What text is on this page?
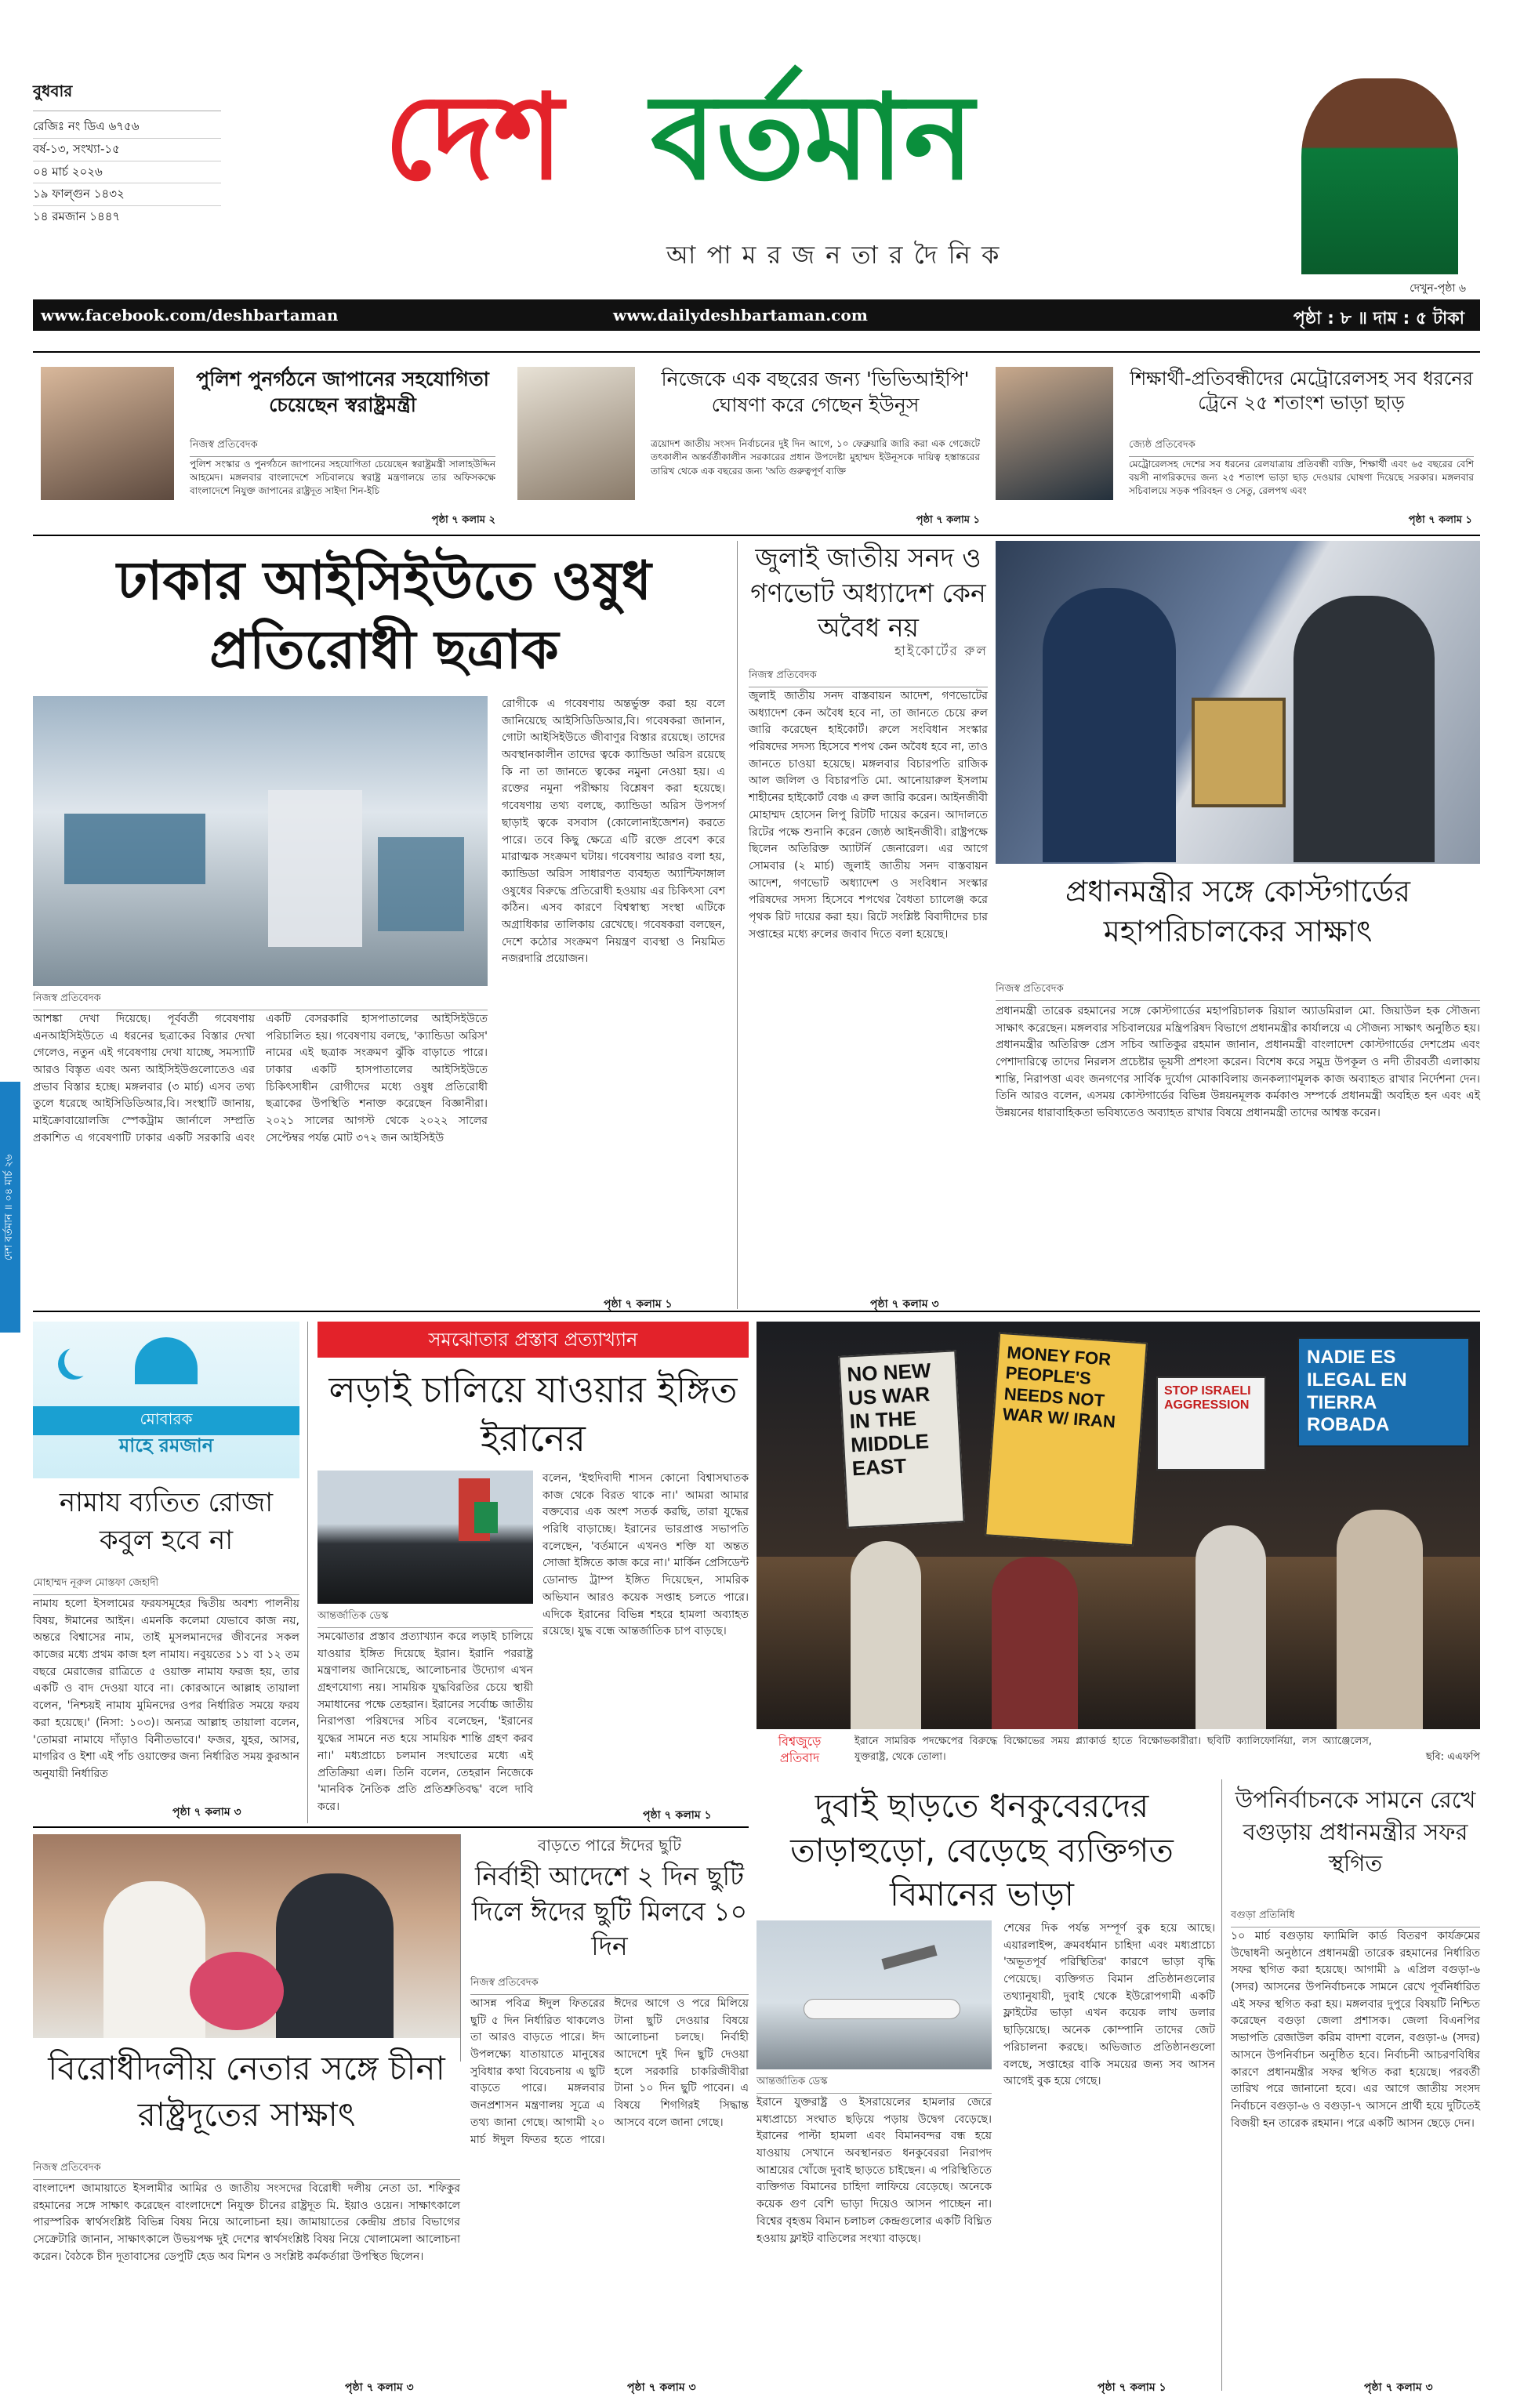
বুধবার
রেজিঃ নং ডিএ ৬৭৫৬
বর্ষ-১৩, সংখ্যা-১৫
০৪ মার্চ ২০২৬
১৯ ফাল্গুন ১৪৩২
১৪ রমজান ১৪৪৭
দেশ বর্তমান
আ পা ম র জ ন তা র দৈ নি ক
দেখুন-পৃষ্ঠা ৬
www.facebook.com/deshbartaman	www.dailydeshbartaman.com	পৃষ্ঠা : ৮ ॥ দাম : ৫ টাকা
দেশ বর্তমান ॥ ০৪ মার্চ ২৬
পুলিশ পুনর্গঠনে জাপানের সহযোগিতা চেয়েছেন স্বরাষ্ট্রমন্ত্রী
নিজস্ব প্রতিবেদক
পুলিশ সংস্কার ও পুনর্গঠনে জাপানের সহযোগিতা চেয়েছেন স্বরাষ্ট্রমন্ত্রী সালাহউদ্দিন আহমেদ। মঙ্গলবার বাংলাদেশে সচিবালয়ে স্বরাষ্ট্র মন্ত্রণালয়ে তার অফিসকক্ষে বাংলাদেশে নিযুক্ত জাপানের রাষ্ট্রদূত সাইদা শিন-ইচি
পৃষ্ঠা ৭ কলাম ২
নিজেকে এক বছরের জন্য 'ভিভিআইপি' ঘোষণা করে গেছেন ইউনূস
ত্রয়োদশ জাতীয় সংসদ নির্বাচনের দুই দিন আগে, ১০ ফেব্রুয়ারি জারি করা এক গেজেটে তৎকালীন অন্তর্বর্তীকালীন সরকারের প্রধান উপদেষ্টা মুহাম্মদ ইউনূসকে দায়িত্ব হস্তান্তরের তারিখ থেকে এক বছরের জন্য 'অতি গুরুত্বপূর্ণ ব্যক্তি
পৃষ্ঠা ৭ কলাম ১
শিক্ষার্থী-প্রতিবন্ধীদের মেট্রোরেলসহ সব ধরনের ট্রেনে ২৫ শতাংশ ভাড়া ছাড়
জ্যেষ্ঠ প্রতিবেদক
মেট্রোরেলসহ দেশের সব ধরনের রেলযাত্রায় প্রতিবন্ধী ব্যক্তি, শিক্ষার্থী এবং ৬৫ বছরের বেশি বয়সী নাগরিকদের জন্য ২৫ শতাংশ ভাড়া ছাড় দেওয়ার ঘোষণা দিয়েছে সরকার। মঙ্গলবার সচিবালয়ে সড়ক পরিবহন ও সেতু, রেলপথ এবং
পৃষ্ঠা ৭ কলাম ১
ঢাকার আইসিইউতে ওষুধ প্রতিরোধী ছত্রাক
নিজস্ব প্রতিবেদক
আশঙ্কা দেখা দিয়েছে। পূর্ববর্তী গবেষণায় এনআইসিইউতে এ ধরনের ছত্রাকের বিস্তার দেখা গেলেও, নতুন এই গবেষণায় দেখা যাচ্ছে, সমস্যাটি আরও বিস্তৃত এবং অন্য আইসিইউগুলোতেও এর প্রভাব বিস্তার হচ্ছে। মঙ্গলবার (৩ মার্চ) এসব তথ্য তুলে ধরেছে আইসিডিডিআর,বি। সংস্থাটি জানায়, মাইক্রোবায়োলজি স্পেকট্রাম জার্নালে সম্প্রতি প্রকাশিত এ গবেষণাটি ঢাকার একটি সরকারি এবং একটি বেসরকারি হাসপাতালের আইসিইউতে পরিচালিত হয়। গবেষণায় বলছে, 'ক্যান্ডিডা অরিস' নামের এই ছত্রাক সংক্রমণ ঝুঁকি বাড়াতে পারে। ঢাকার একটি হাসপাতালের আইসিইউতে চিকিৎসাধীন রোগীদের মধ্যে ওষুধ প্রতিরোধী ছত্রাকের উপস্থিতি শনাক্ত করেছেন বিজ্ঞানীরা। ২০২১ সালের আগস্ট থেকে ২০২২ সালের সেপ্টেম্বর পর্যন্ত মোট ৩৭২ জন আইসিইউ
রোগীকে এ গবেষণায় অন্তর্ভুক্ত করা হয় বলে জানিয়েছে আইসিডিডিআর,বি। গবেষকরা জানান, গোটা আইসিইউতে জীবাণুর বিস্তার রয়েছে। তাদের অবস্থানকালীন তাদের ত্বকে ক্যান্ডিডা অরিস রয়েছে কি না তা জানতে ত্বকের নমুনা নেওয়া হয়। এ রক্তের নমুনা পরীক্ষায় বিশ্লেষণ করা হয়েছে। গবেষণায় তথ্য বলছে, ক্যান্ডিডা অরিস উপসর্গ ছাড়াই ত্বকে বসবাস (কোলোনাইজেশন) করতে পারে। তবে কিছু ক্ষেত্রে এটি রক্তে প্রবেশ করে মারাত্মক সংক্রমণ ঘটায়। গবেষণায় আরও বলা হয়, ক্যান্ডিডা অরিস সাধারণত ব্যবহৃত অ্যান্টিফাঙ্গাল ওষুধের বিরুদ্ধে প্রতিরোধী হওয়ায় এর চিকিৎসা বেশ কঠিন। এসব কারণে বিশ্বস্বাস্থ্য সংস্থা এটিকে অগ্রাধিকার তালিকায় রেখেছে। গবেষকরা বলছেন, দেশে কঠোর সংক্রমণ নিয়ন্ত্রণ ব্যবস্থা ও নিয়মিত নজরদারি প্রয়োজন।
পৃষ্ঠা ৭ কলাম ১
জুলাই জাতীয় সনদ ও গণভোট অধ্যাদেশ কেন অবৈধ নয়
হাইকোর্টের রুল
নিজস্ব প্রতিবেদক
জুলাই জাতীয় সনদ বাস্তবায়ন আদেশ, গণভোটের অধ্যাদেশ কেন অবৈধ হবে না, তা জানতে চেয়ে রুল জারি করেছেন হাইকোর্ট। রুলে সংবিধান সংস্কার পরিষদের সদস্য হিসেবে শপথ কেন অবৈধ হবে না, তাও জানতে চাওয়া হয়েছে। মঙ্গলবার বিচারপতি রাজিক আল জলিল ও বিচারপতি মো. আনোয়ারুল ইসলাম শাহীনের হাইকোর্ট বেঞ্চ এ রুল জারি করেন। আইনজীবী মোহাম্মদ হোসেন লিপু রিটটি দায়ের করেন। আদালতে রিটের পক্ষে শুনানি করেন জ্যেষ্ঠ আইনজীবী। রাষ্ট্রপক্ষে ছিলেন অতিরিক্ত অ্যাটর্নি জেনারেল। এর আগে সোমবার (২ মার্চ) জুলাই জাতীয় সনদ বাস্তবায়ন আদেশ, গণভোট অধ্যাদেশ ও সংবিধান সংস্কার পরিষদের সদস্য হিসেবে শপথের বৈধতা চ্যালেঞ্জ করে পৃথক রিট দায়ের করা হয়। রিটে সংশ্লিষ্ট বিবাদীদের চার সপ্তাহের মধ্যে রুলের জবাব দিতে বলা হয়েছে।
পৃষ্ঠা ৭ কলাম ৩
প্রধানমন্ত্রীর সঙ্গে কোস্টগার্ডের মহাপরিচালকের সাক্ষাৎ
নিজস্ব প্রতিবেদক
প্রধানমন্ত্রী তারেক রহমানের সঙ্গে কোস্টগার্ডের মহাপরিচালক রিয়াল অ্যাডমিরাল মো. জিয়াউল হক সৌজন্য সাক্ষাৎ করেছেন। মঙ্গলবার সচিবালয়ের মন্ত্রিপরিষদ বিভাগে প্রধানমন্ত্রীর কার্যালয়ে এ সৌজন্য সাক্ষাৎ অনুষ্ঠিত হয়। প্রধানমন্ত্রীর অতিরিক্ত প্রেস সচিব আতিকুর রহমান জানান, প্রধানমন্ত্রী বাংলাদেশ কোস্টগার্ডের দেশপ্রেম এবং পেশাদারিত্বে তাদের নিরলস প্রচেষ্টার ভূয়সী প্রশংসা করেন। বিশেষ করে সমুদ্র উপকূল ও নদী তীরবর্তী এলাকায় শান্তি, নিরাপত্তা এবং জনগণের সার্বিক দুর্যোগ মোকাবিলায় জনকল্যাণমূলক কাজ অব্যাহত রাখার নির্দেশনা দেন। তিনি আরও বলেন, এসময় কোস্টগার্ডের বিভিন্ন উন্নয়নমূলক কর্মকাণ্ড সম্পর্কে প্রধানমন্ত্রী অবহিত হন এবং এই উন্নয়নের ধারাবাহিকতা ভবিষ্যতেও অব্যাহত রাখার বিষয়ে প্রধানমন্ত্রী তাদের আশ্বস্ত করেন।
মোবারক
মাহে রমজান
নামায ব্যতিত রোজা কবুল হবে না
মোহাম্মদ নূরুল মোস্তফা জেহাদী
নামায হলো ইসলামের ফরযসমূহের দ্বিতীয় অবশ্য পালনীয় বিষয়, ঈমানের আইন। এমনকি কলেমা যেভাবে কাজ নয়, অন্তরে বিশ্বাসের নাম, তাই মুসলমানদের জীবনের সকল কাজের মধ্যে প্রথম কাজ হল নামায। নবুয়তের ১১ বা ১২ তম বছরে মেরাজের রাত্রিতে ৫ ওয়াক্ত নামায ফরজ হয়, তার একটি ও বাদ দেওয়া যাবে না। কোরআনে আল্লাহ তায়ালা বলেন, 'নিশ্চয়ই নামায মুমিনদের ওপর নির্ধারিত সময়ে ফরয করা হয়েছে।' (নিসা: ১০৩)। অন্যত্র আল্লাহ তায়ালা বলেন, 'তোমরা নামাযে দাঁড়াও বিনীতভাবে।' ফজর, যুহর, আসর, মাগরিব ও ইশা এই পাঁচ ওয়াক্তের জন্য নির্ধারিত সময় কুরআন অনুযায়ী নির্ধারিত
পৃষ্ঠা ৭ কলাম ৩
সমঝোতার প্রস্তাব প্রত্যাখ্যান
লড়াই চালিয়ে যাওয়ার ইঙ্গিত ইরানের
আন্তর্জাতিক ডেস্ক
সমঝোতার প্রস্তাব প্রত্যাখ্যান করে লড়াই চালিয়ে যাওয়ার ইঙ্গিত দিয়েছে ইরান। ইরানি পররাষ্ট্র মন্ত্রণালয় জানিয়েছে, আলোচনার উদ্যোগ এখন গ্রহণযোগ্য নয়। সাময়িক যুদ্ধবিরতির চেয়ে স্থায়ী সমাধানের পক্ষে তেহরান। ইরানের সর্বোচ্চ জাতীয় নিরাপত্তা পরিষদের সচিব বলেছেন, 'ইরানের যুদ্ধের সামনে নত হয়ে সাময়িক শান্তি গ্রহণ করব না।' মধ্যপ্রাচ্যে চলমান সংঘাতের মধ্যে এই প্রতিক্রিয়া এল। তিনি বলেন, তেহরান নিজেকে 'মানবিক নৈতিক প্রতি প্রতিশ্রুতিবদ্ধ' বলে দাবি করে।
বলেন, 'ইহুদিবাদী শাসন কোনো বিশ্বাসঘাতক কাজ থেকে বিরত থাকে না।' আমরা আমার বক্তব্যের এক অংশ সতর্ক করছি, তারা যুদ্ধের পরিধি বাড়াচ্ছে। ইরানের ভারপ্রাপ্ত সভাপতি বলেছেন, 'বর্তমানে এখনও শক্তি যা অন্তত সোজা ইঙ্গিতে কাজ করে না।' মার্কিন প্রেসিডেন্ট ডোনাল্ড ট্রাম্প ইঙ্গিত দিয়েছেন, সামরিক অভিযান আরও কয়েক সপ্তাহ চলতে পারে। এদিকে ইরানের বিভিন্ন শহরে হামলা অব্যাহত রয়েছে। যুদ্ধ বন্ধে আন্তর্জাতিক চাপ বাড়ছে।
পৃষ্ঠা ৭ কলাম ১
NO NEW US WAR IN THE MIDDLE EAST
MONEY FOR PEOPLE'S NEEDS NOT WAR W/ IRAN
STOP ISRAELI AGGRESSION
NADIE ES ILEGAL EN TIERRA ROBADA
বিশ্বজুড়ে
প্রতিবাদ
ইরানে সামরিক পদক্ষেপের বিরুদ্ধে বিক্ষোভের সময় প্ল্যাকার্ড হাতে বিক্ষোভকারীরা। ছবিটি ক্যালিফোর্নিয়া, লস অ্যাঞ্জেলেস, যুক্তরাষ্ট্র, থেকে তোলা।	ছবি: এএফপি
দুবাই ছাড়তে ধনকুবেরদের তাড়াহুড়ো, বেড়েছে ব্যক্তিগত বিমানের ভাড়া
আন্তর্জাতিক ডেস্ক
ইরানে যুক্তরাষ্ট্র ও ইসরায়েলের হামলার জেরে মধ্যপ্রাচ্যে সংঘাত ছড়িয়ে পড়ায় উদ্বেগ বেড়েছে। ইরানের পাল্টা হামলা এবং বিমানবন্দর বন্ধ হয়ে যাওয়ায় সেখানে অবস্থানরত ধনকুবেররা নিরাপদ আশ্রয়ের খোঁজে দুবাই ছাড়তে চাইছেন। এ পরিস্থিতিতে ব্যক্তিগত বিমানের চাহিদা লাফিয়ে বেড়েছে। অনেকে কয়েক গুণ বেশি ভাড়া দিয়েও আসন পাচ্ছেন না। বিশ্বের বৃহত্তম বিমান চলাচল কেন্দ্রগুলোর একটি বিঘ্নিত হওয়ায় ফ্লাইট বাতিলের সংখ্যা বাড়ছে।
শেষের দিক পর্যন্ত সম্পূর্ণ বুক হয়ে আছে। এয়ারলাইন্স, ক্রমবর্ধমান চাহিদা এবং মধ্যপ্রাচ্যে 'অভূতপূর্ব পরিস্থিতির' কারণে ভাড়া বৃদ্ধি পেয়েছে। ব্যক্তিগত বিমান প্রতিষ্ঠানগুলোর তথ্যানুযায়ী, দুবাই থেকে ইউরোপগামী একটি ফ্লাইটের ভাড়া এখন কয়েক লাখ ডলার ছাড়িয়েছে। অনেক কোম্পানি তাদের জেট পরিচালনা করছে। অভিজাত প্রতিষ্ঠানগুলো বলছে, সপ্তাহের বাকি সময়ের জন্য সব আসন আগেই বুক হয়ে গেছে।
পৃষ্ঠা ৭ কলাম ১
উপনির্বাচনকে সামনে রেখে বগুড়ায় প্রধানমন্ত্রীর সফর স্থগিত
বগুড়া প্রতিনিধি
১০ মার্চ বগুড়ায় ফ্যামিলি কার্ড বিতরণ কার্যক্রমের উদ্বোধনী অনুষ্ঠানে প্রধানমন্ত্রী তারেক রহমানের নির্ধারিত সফর স্থগিত করা হয়েছে। আগামী ৯ এপ্রিল বগুড়া-৬ (সদর) আসনের উপনির্বাচনকে সামনে রেখে পূর্বনির্ধারিত এই সফর স্থগিত করা হয়। মঙ্গলবার দুপুরে বিষয়টি নিশ্চিত করেছেন বগুড়া জেলা প্রশাসক। জেলা বিএনপির সভাপতি রেজাউল করিম বাদশা বলেন, বগুড়া-৬ (সদর) আসনে উপনির্বাচন অনুষ্ঠিত হবে। নির্বাচনী আচরণবিধির কারণে প্রধানমন্ত্রীর সফর স্থগিত করা হয়েছে। পরবর্তী তারিখ পরে জানানো হবে। এর আগে জাতীয় সংসদ নির্বাচনে বগুড়া-৬ ও বগুড়া-৭ আসনে প্রার্থী হয়ে দুটিতেই বিজয়ী হন তারেক রহমান। পরে একটি আসন ছেড়ে দেন।
পৃষ্ঠা ৭ কলাম ৩
বাড়তে পারে ঈদের ছুটি
নির্বাহী আদেশে ২ দিন ছুটি দিলে ঈদের ছুটি মিলবে ১০ দিন
নিজস্ব প্রতিবেদক
আসন্ন পবিত্র ঈদুল ফিতরের ছুটি ৫ দিন নির্ধারিত থাকলেও তা আরও বাড়তে পারে। ঈদ উপলক্ষ্যে যাতায়াতে মানুষের সুবিধার কথা বিবেচনায় এ ছুটি বাড়তে পারে। মঙ্গলবার জনপ্রশাসন মন্ত্রণালয় সূত্রে এ তথ্য জানা গেছে। আগামী ২০ মার্চ ঈদুল ফিতর হতে পারে। ঈদের আগে ও পরে মিলিয়ে টানা ছুটি দেওয়ার বিষয়ে আলোচনা চলছে। নির্বাহী আদেশে দুই দিন ছুটি দেওয়া হলে সরকারি চাকরিজীবীরা টানা ১০ দিন ছুটি পাবেন। এ বিষয়ে শিগগিরই সিদ্ধান্ত আসবে বলে জানা গেছে।
পৃষ্ঠা ৭ কলাম ৩
বিরোধীদলীয় নেতার সঙ্গে চীনা রাষ্ট্রদূতের সাক্ষাৎ
নিজস্ব প্রতিবেদক
বাংলাদেশ জামায়াতে ইসলামীর আমির ও জাতীয় সংসদের বিরোধী দলীয় নেতা ডা. শফিকুর রহমানের সঙ্গে সাক্ষাৎ করেছেন বাংলাদেশে নিযুক্ত চীনের রাষ্ট্রদূত মি. ইয়াও ওয়েন। সাক্ষাৎকালে পারস্পরিক স্বার্থসংশ্লিষ্ট বিভিন্ন বিষয় নিয়ে আলোচনা হয়। জামায়াতের কেন্দ্রীয় প্রচার বিভাগের সেক্রেটারি জানান, সাক্ষাৎকালে উভয়পক্ষ দুই দেশের স্বার্থসংশ্লিষ্ট বিষয় নিয়ে খোলামেলা আলোচনা করেন। বৈঠকে চীন দূতাবাসের ডেপুটি হেড অব মিশন ও সংশ্লিষ্ট কর্মকর্তারা উপস্থিত ছিলেন।
পৃষ্ঠা ৭ কলাম ৩
